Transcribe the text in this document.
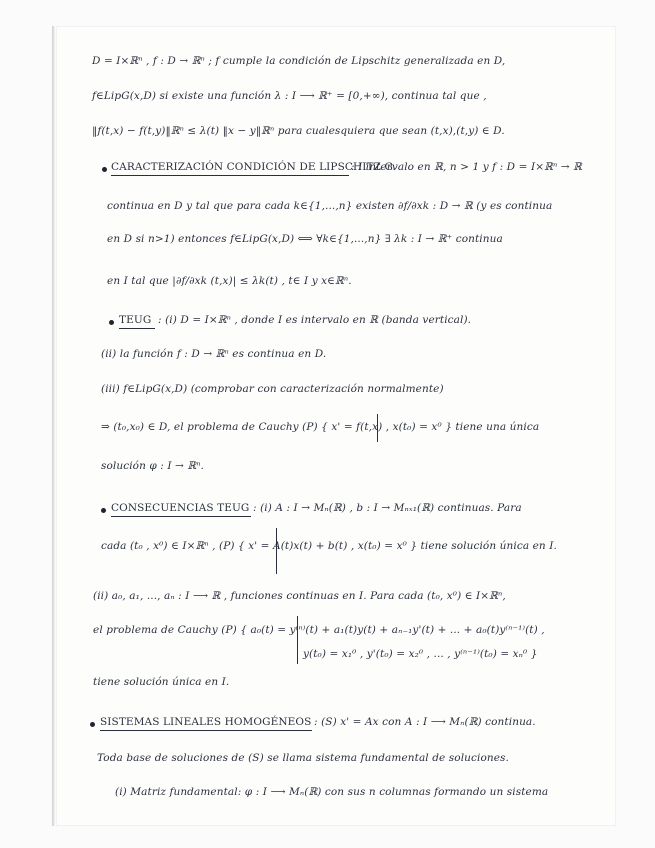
D = I×ℝⁿ , f : D → ℝⁿ ; f cumple la condición de Lipschitz generalizada en D,
f∈LipG(x,D) si existe una función λ : I ⟶ ℝ⁺ = [0,+∞), continua tal que ,
‖f(t,x) − f(t,y)‖ℝⁿ ≤ λ(t) ‖x − y‖ℝⁿ para cualesquiera que sean (t,x),(t,y) ∈ D.
CARACTERIZACIÓN CONDICIÓN DE LIPSCHITZ G.
: I intervalo en ℝ, n > 1 y f : D = I×ℝⁿ → ℝ
continua en D y tal que para cada k∈{1,...,n} existen ∂f/∂xk : D → ℝ (y es continua
en D si n>1) entonces f∈LipG(x,D) ⟺ ∀k∈{1,...,n} ∃ λk : I → ℝ⁺ continua
en I tal que |∂f/∂xk (t,x)| ≤ λk(t) , t∈ I y x∈ℝⁿ.
TEUG : (i) D = I×ℝⁿ , donde I es intervalo en ℝ (banda vertical).
(ii) la función f : D → ℝⁿ es continua en D.
(iii) f∈LipG(x,D) (comprobar con caracterización normalmente)
⇒ (t₀,x₀) ∈ D, el problema de Cauchy (P) { x' = f(t,x) , x(t₀) = x⁰ } tiene una única
solución φ : I → ℝⁿ.
CONSECUENCIAS TEUG : (i) A : I → Mₙ(ℝ) , b : I → Mₙₓ₁(ℝ) continuas. Para
cada (t₀ , x⁰) ∈ I×ℝⁿ , (P) { x' = A(t)x(t) + b(t) , x(t₀) = x⁰ } tiene solución única en I.
(ii) a₀, a₁, ..., aₙ : I ⟶ ℝ , funciones continuas en I. Para cada (t₀, x⁰) ∈ I×ℝⁿ,
el problema de Cauchy (P) { a₀(t) = y⁽ⁿ⁾(t) + a₁(t)y(t) + aₙ₋₁y'(t) + ... + a₀(t)y⁽ⁿ⁻¹⁾(t) ,
y(t₀) = x₁⁰ , y'(t₀) = x₂⁰ , ... , y⁽ⁿ⁻¹⁾(t₀) = xₙ⁰ }
tiene solución única en I.
SISTEMAS LINEALES HOMOGÉNEOS : (S) x' = Ax con A : I ⟶ Mₙ(ℝ) continua.
Toda base de soluciones de (S) se llama sistema fundamental de soluciones.
(i) Matriz fundamental: φ : I ⟶ Mₙ(ℝ) con sus n columnas formando un sistema
